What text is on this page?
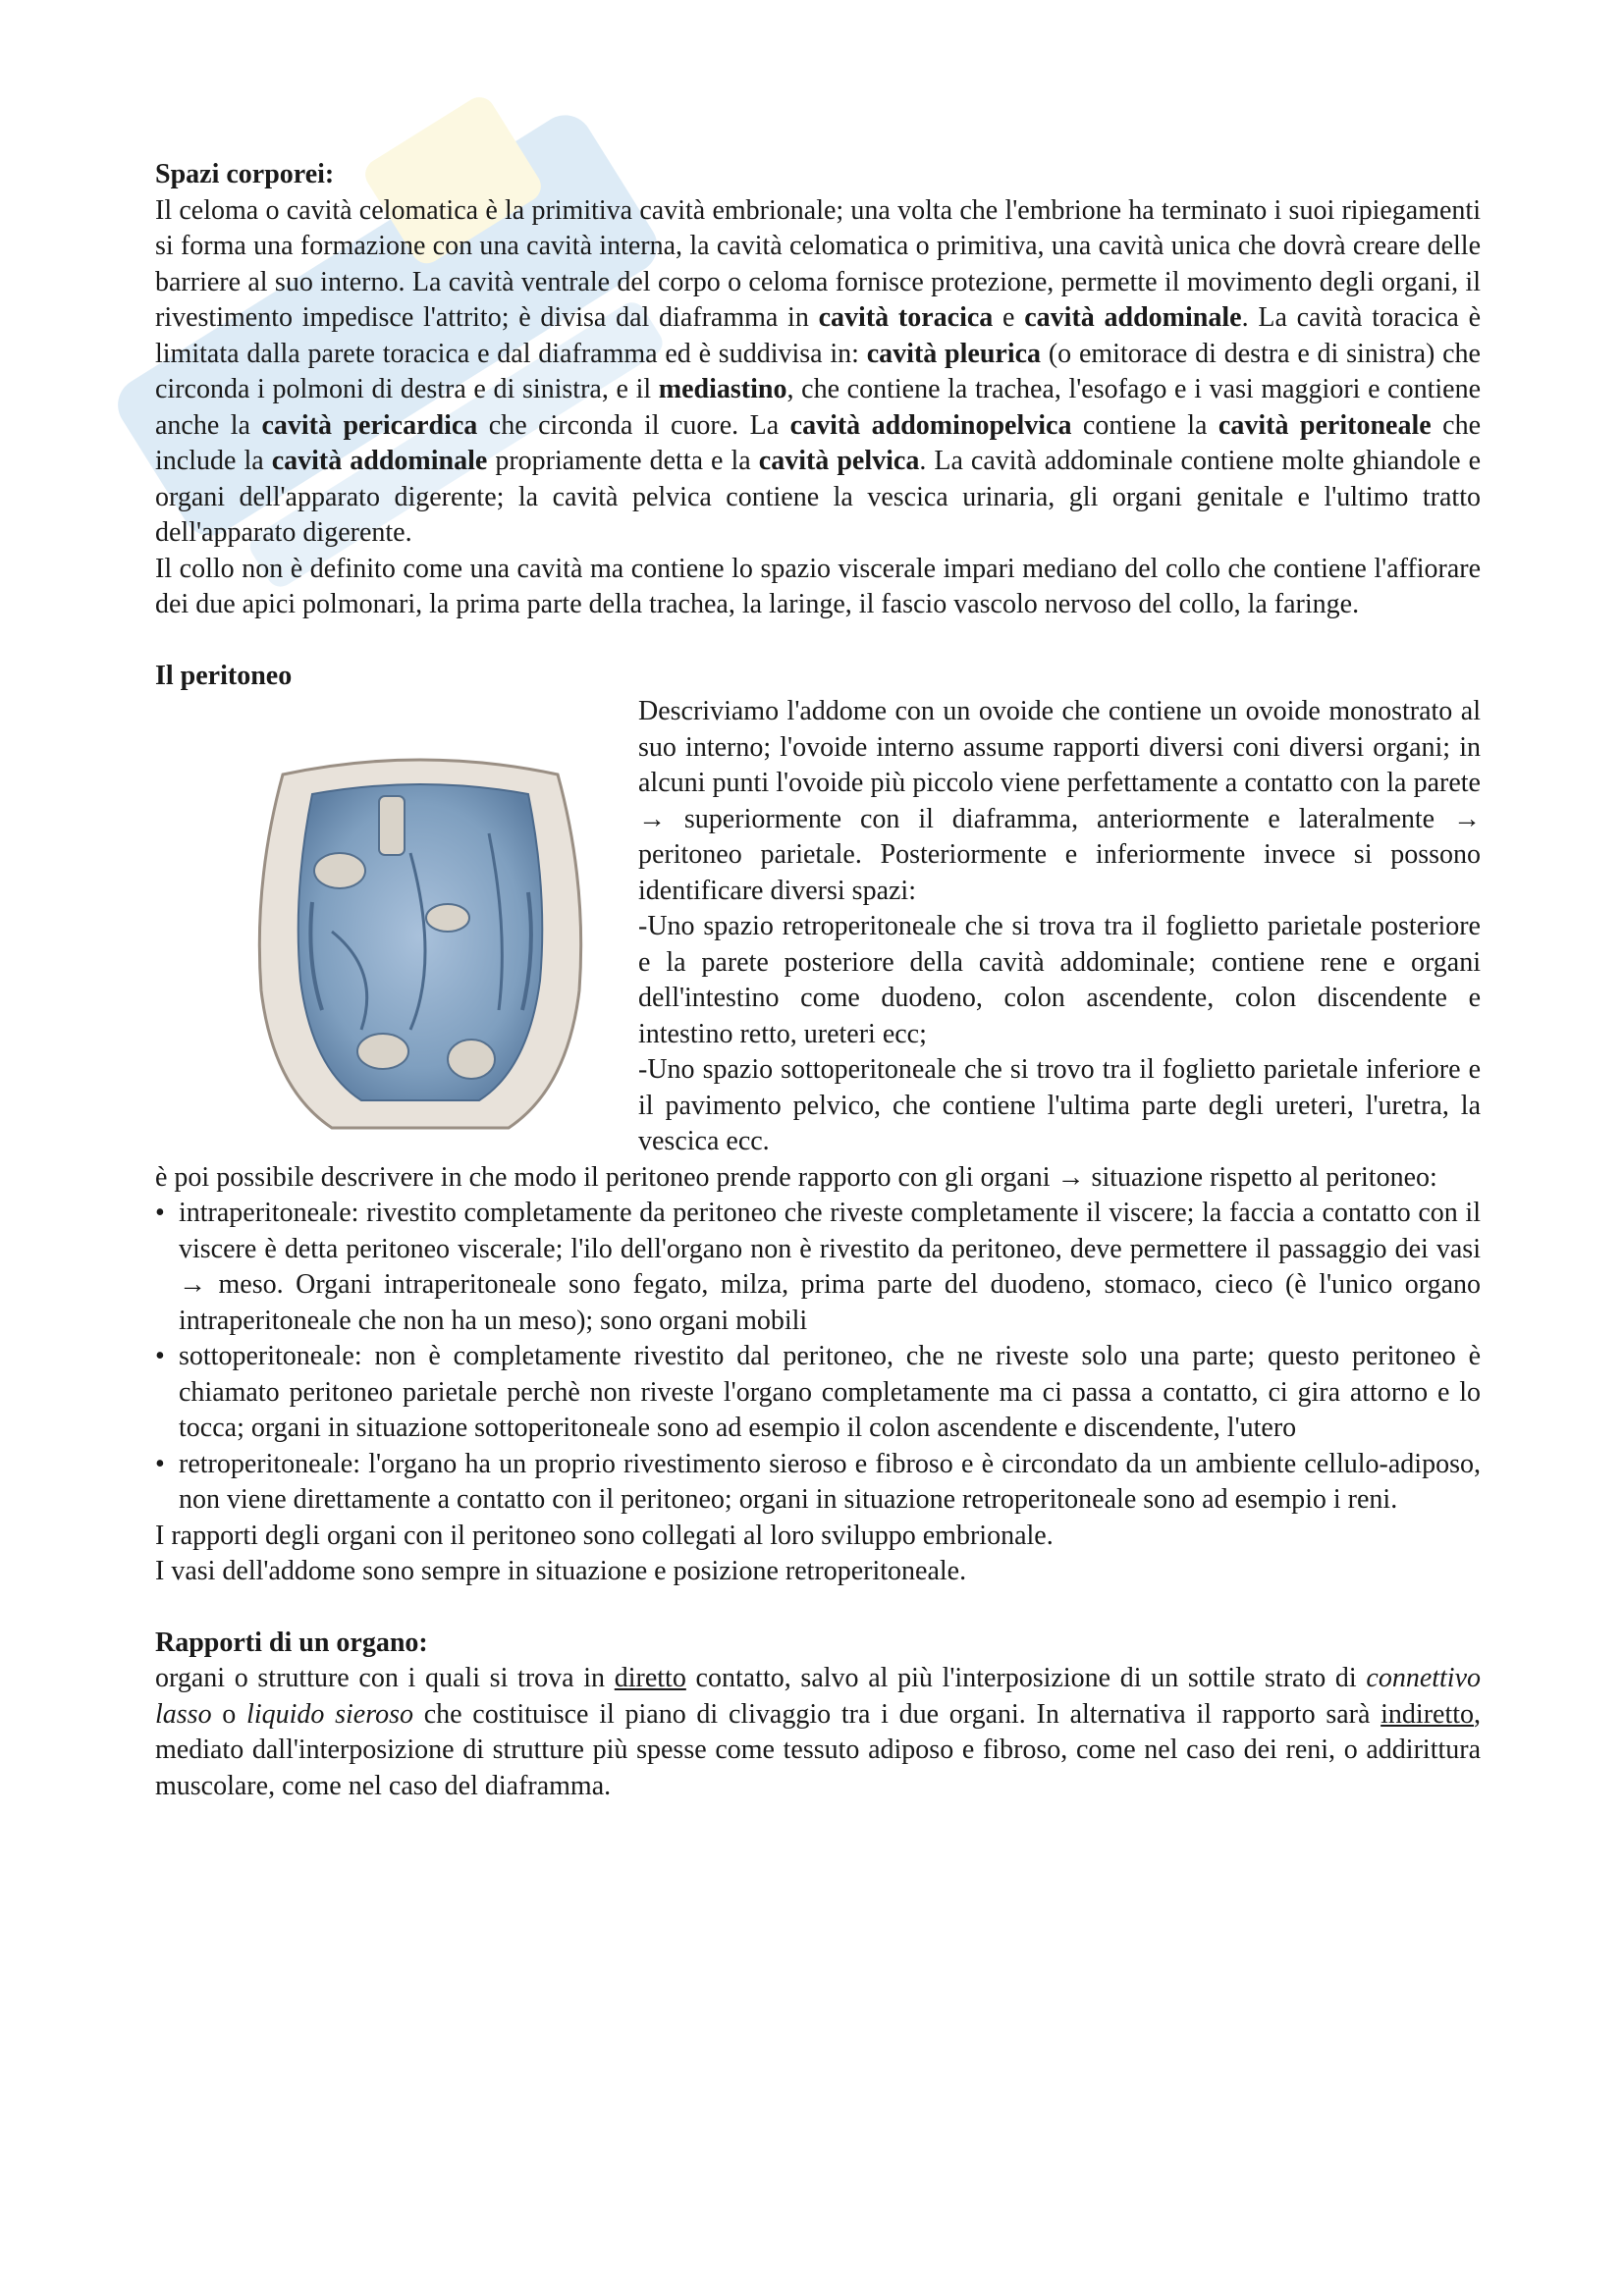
Spazi corporei:

Il celoma o cavità celomatica è la primitiva cavità embrionale; una volta che l'embrione ha terminato i suoi ripiegamenti si forma una formazione con una cavità interna, la cavità celomatica o primitiva, una cavità unica che dovrà creare delle barriere al suo interno. La cavità ventrale del corpo o celoma fornisce protezione, permette il movimento degli organi, il rivestimento impedisce l'attrito; è divisa dal diaframma in cavità toracica e cavità addominale. La cavità toracica è limitata dalla parete toracica e dal diaframma ed è suddivisa in: cavità pleurica (o emitorace di destra e di sinistra) che circonda i polmoni di destra e di sinistra, e il mediastino, che contiene la trachea, l'esofago e i vasi maggiori e contiene anche la cavità pericardica che circonda il cuore. La cavità addominopelvica contiene la cavità peritoneale che include la cavità addominale propriamente detta e la cavità pelvica. La cavità addominale contiene molte ghiandole e organi dell'apparato digerente; la cavità pelvica contiene la vescica urinaria, gli organi genitale e l'ultimo tratto dell'apparato digerente.

Il collo non è definito come una cavità ma contiene lo spazio viscerale impari mediano del collo che contiene l'affiorare dei due apici polmonari, la prima parte della trachea, la laringe, il fascio vascolo nervoso del collo, la faringe.

Il peritoneo

Descriviamo l'addome con un ovoide che contiene un ovoide monostrato al suo interno; l'ovoide interno assume rapporti diversi coni diversi organi; in alcuni punti l'ovoide più piccolo viene perfettamente a contatto con la parete → superiormente con il diaframma, anteriormente e lateralmente → peritoneo parietale. Posteriormente e inferiormente invece si possono identificare diversi spazi:

-Uno spazio retroperitoneale che si trova tra il foglietto parietale posteriore e la parete posteriore della cavità addominale; contiene rene e organi dell'intestino come duodeno, colon ascendente, colon discendente e intestino retto, ureteri ecc;

-Uno spazio sottoperitoneale che si trovo tra il foglietto parietale inferiore e il pavimento pelvico, che contiene l'ultima parte degli ureteri, l'uretra, la vescica ecc.

è poi possibile descrivere in che modo il peritoneo prende rapporto con gli organi → situazione rispetto al peritoneo:

• intraperitoneale: rivestito completamente da peritoneo che riveste completamente il viscere; la faccia a contatto con il viscere è detta peritoneo viscerale; l'ilo dell'organo non è rivestito da peritoneo, deve permettere il passaggio dei vasi → meso. Organi intraperitoneale sono fegato, milza, prima parte del duodeno, stomaco, cieco (è l'unico organo intraperitoneale che non ha un meso); sono organi mobili
• sottoperitoneale: non è completamente rivestito dal peritoneo, che ne riveste solo una parte; questo peritoneo è chiamato peritoneo parietale perchè non riveste l'organo completamente ma ci passa a contatto, ci gira attorno e lo tocca; organi in situazione sottoperitoneale sono ad esempio il colon ascendente e discendente, l'utero
• retroperitoneale: l'organo ha un proprio rivestimento sieroso e fibroso e è circondato da un ambiente cellulo-adiposo, non viene direttamente a contatto con il peritoneo; organi in situazione retroperitoneale sono ad esempio i reni.

I rapporti degli organi con il peritoneo sono collegati al loro sviluppo embrionale.

I vasi dell'addome sono sempre in situazione e posizione retroperitoneale.

Rapporti di un organo:

organi o strutture con i quali si trova in diretto contatto, salvo al più l'interposizione di un sottile strato di connettivo lasso o liquido sieroso che costituisce il piano di clivaggio tra i due organi. In alternativa il rapporto sarà indiretto, mediato dall'interposizione di strutture più spesse come tessuto adiposo e fibroso, come nel caso dei reni, o addirittura muscolare, come nel caso del diaframma.
